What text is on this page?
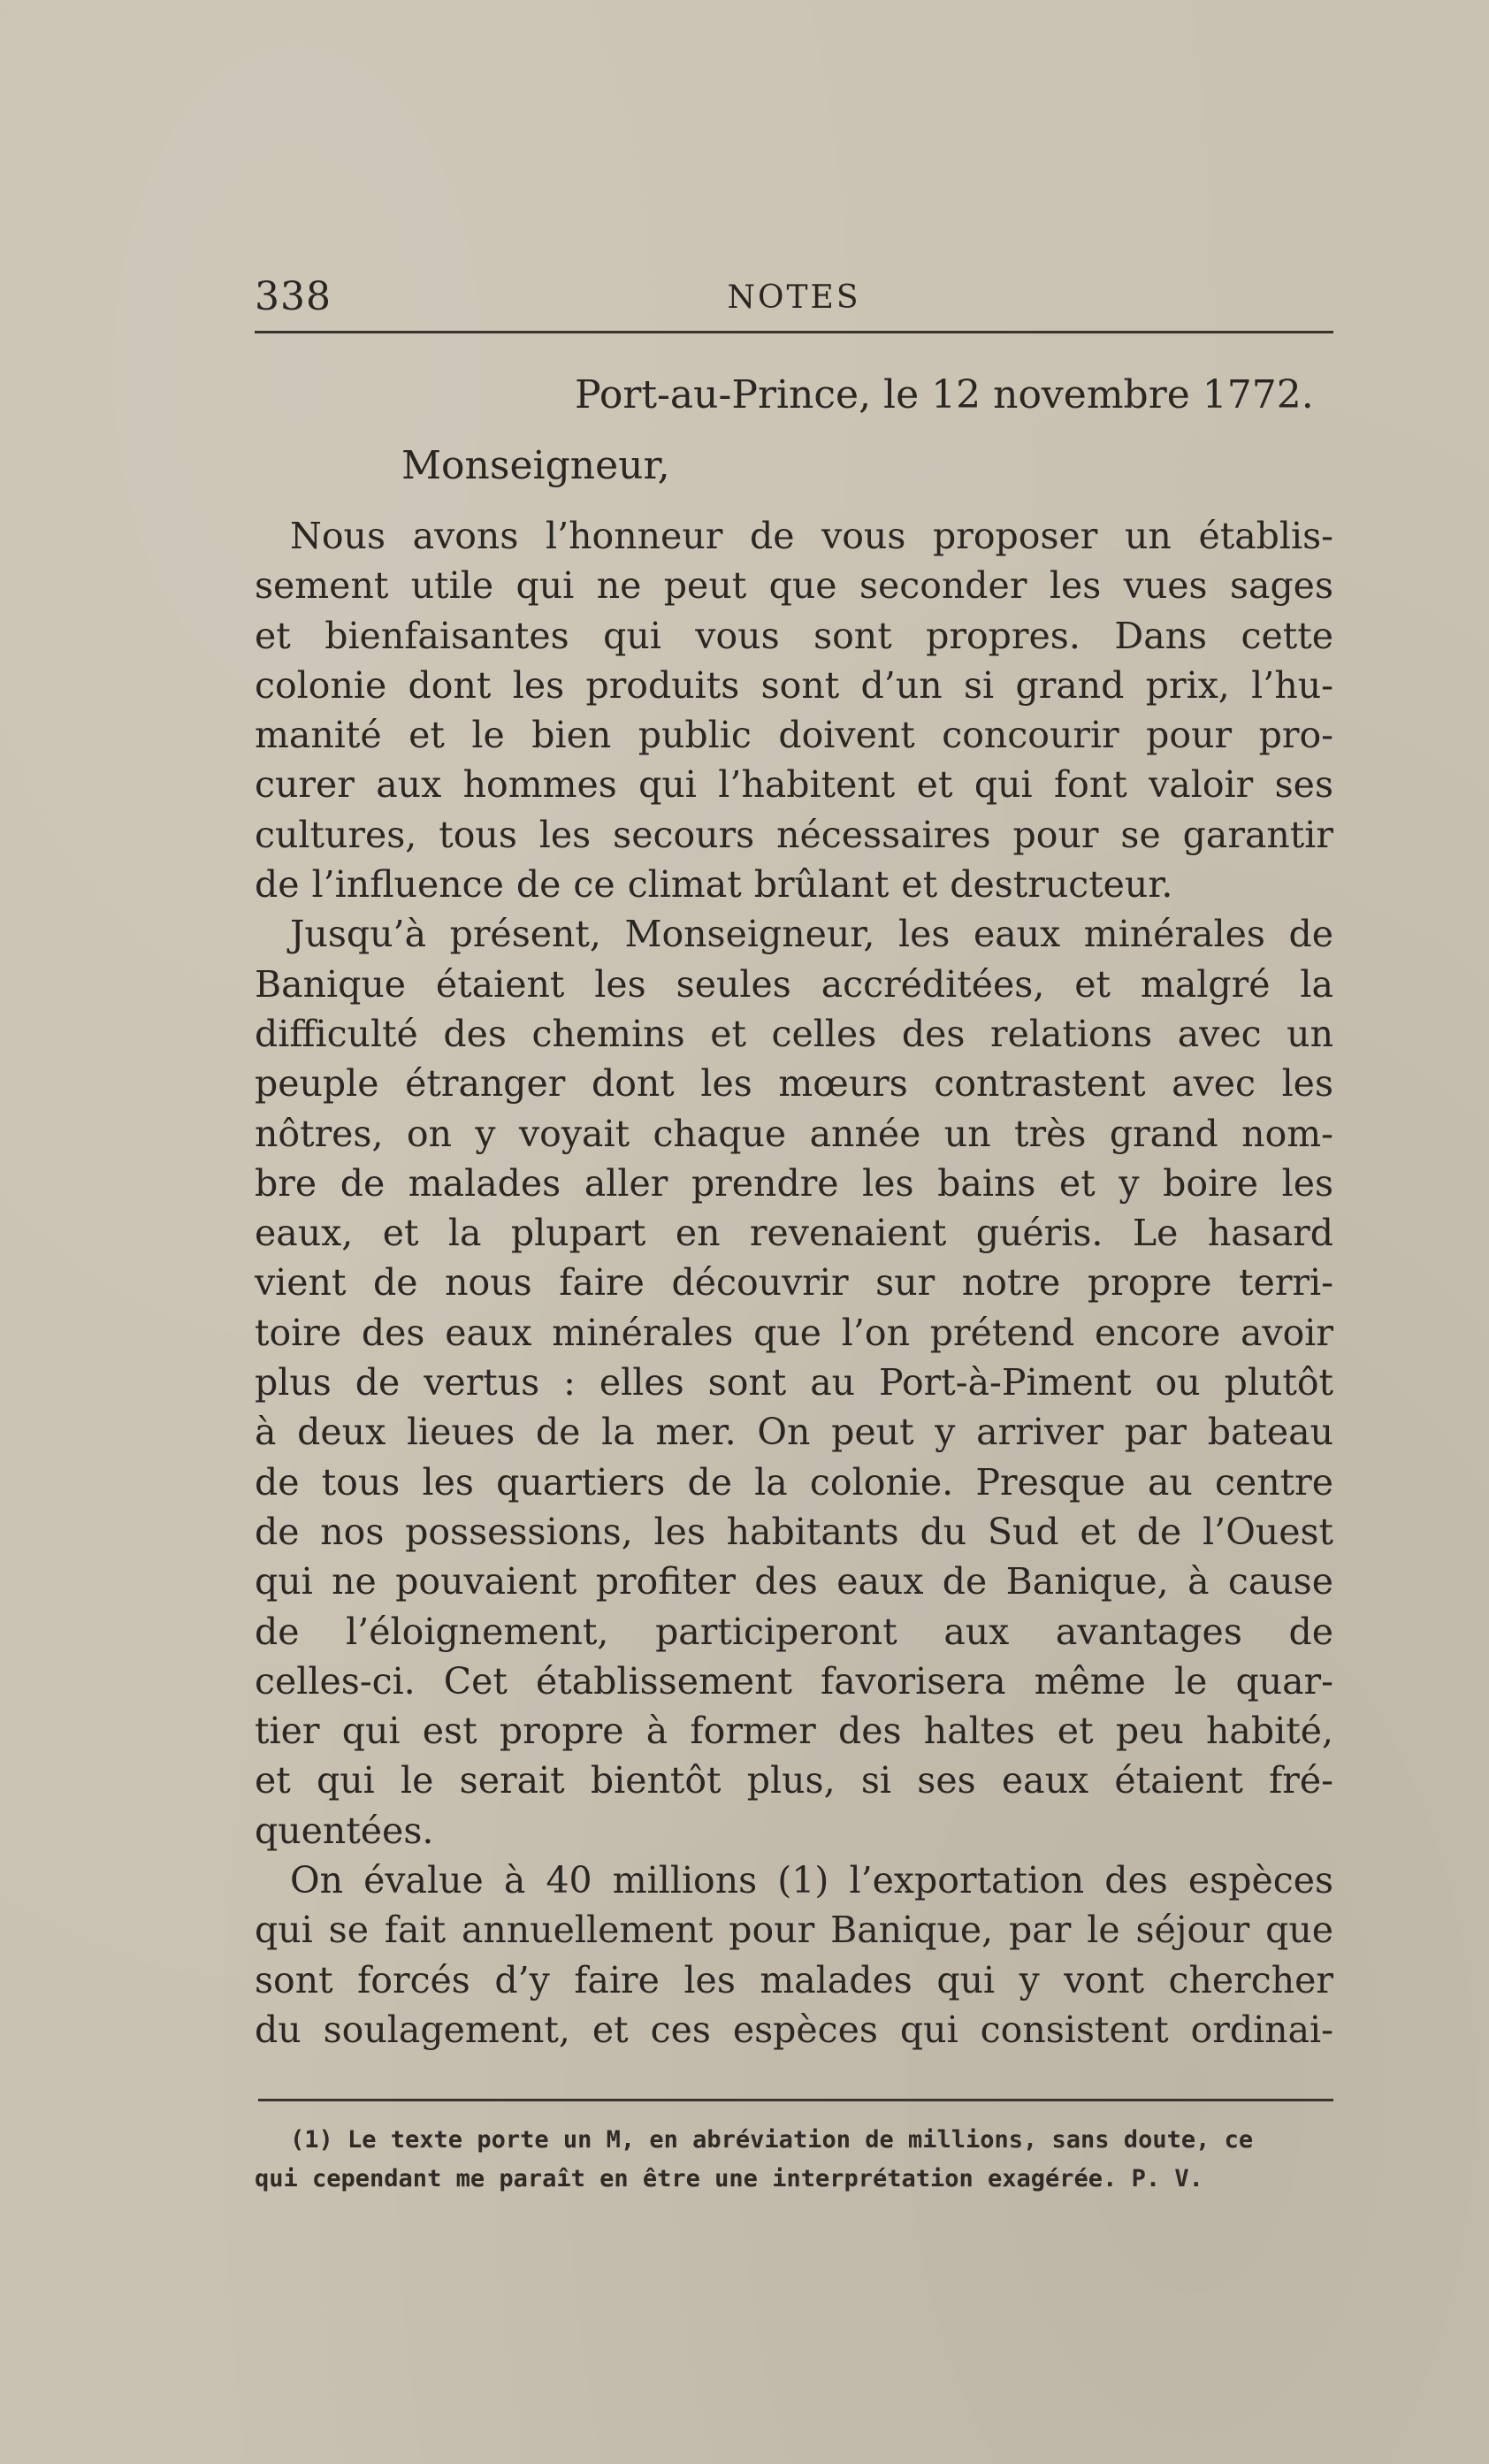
338	NOTES
Port-au-Prince, le 12 novembre 1772.
Monseigneur,
Nous avons l’honneur de vous proposer un établis-
sement utile qui ne peut que seconder les vues sages
et bienfaisantes qui vous sont propres. Dans cette
colonie dont les produits sont d’un si grand prix, l’hu-
manité et le bien public doivent concourir pour pro-
curer aux hommes qui l’habitent et qui font valoir ses
cultures, tous les secours nécessaires pour se garantir
de l’influence de ce climat brûlant et destructeur.
Jusqu’à présent, Monseigneur, les eaux minérales de
Banique étaient les seules accréditées, et malgré la
difficulté des chemins et celles des relations avec un
peuple étranger dont les mœurs contrastent avec les
nôtres, on y voyait chaque année un très grand nom-
bre de malades aller prendre les bains et y boire les
eaux, et la plupart en revenaient guéris. Le hasard
vient de nous faire découvrir sur notre propre terri-
toire des eaux minérales que l’on prétend encore avoir
plus de vertus : elles sont au Port-à-Piment ou plutôt
à deux lieues de la mer. On peut y arriver par bateau
de tous les quartiers de la colonie. Presque au centre
de nos possessions, les habitants du Sud et de l’Ouest
qui ne pouvaient profiter des eaux de Banique, à cause
de l’éloignement, participeront aux avantages de
celles-ci. Cet établissement favorisera même le quar-
tier qui est propre à former des haltes et peu habité,
et qui le serait bientôt plus, si ses eaux étaient fré-
quentées.
On évalue à 40 millions (1) l’exportation des espèces
qui se fait annuellement pour Banique, par le séjour que
sont forcés d’y faire les malades qui y vont chercher
du soulagement, et ces espèces qui consistent ordinai-
(1) Le texte porte un M, en abréviation de millions, sans doute, ce
qui cependant me paraît en être une interprétation exagérée. P. V.
